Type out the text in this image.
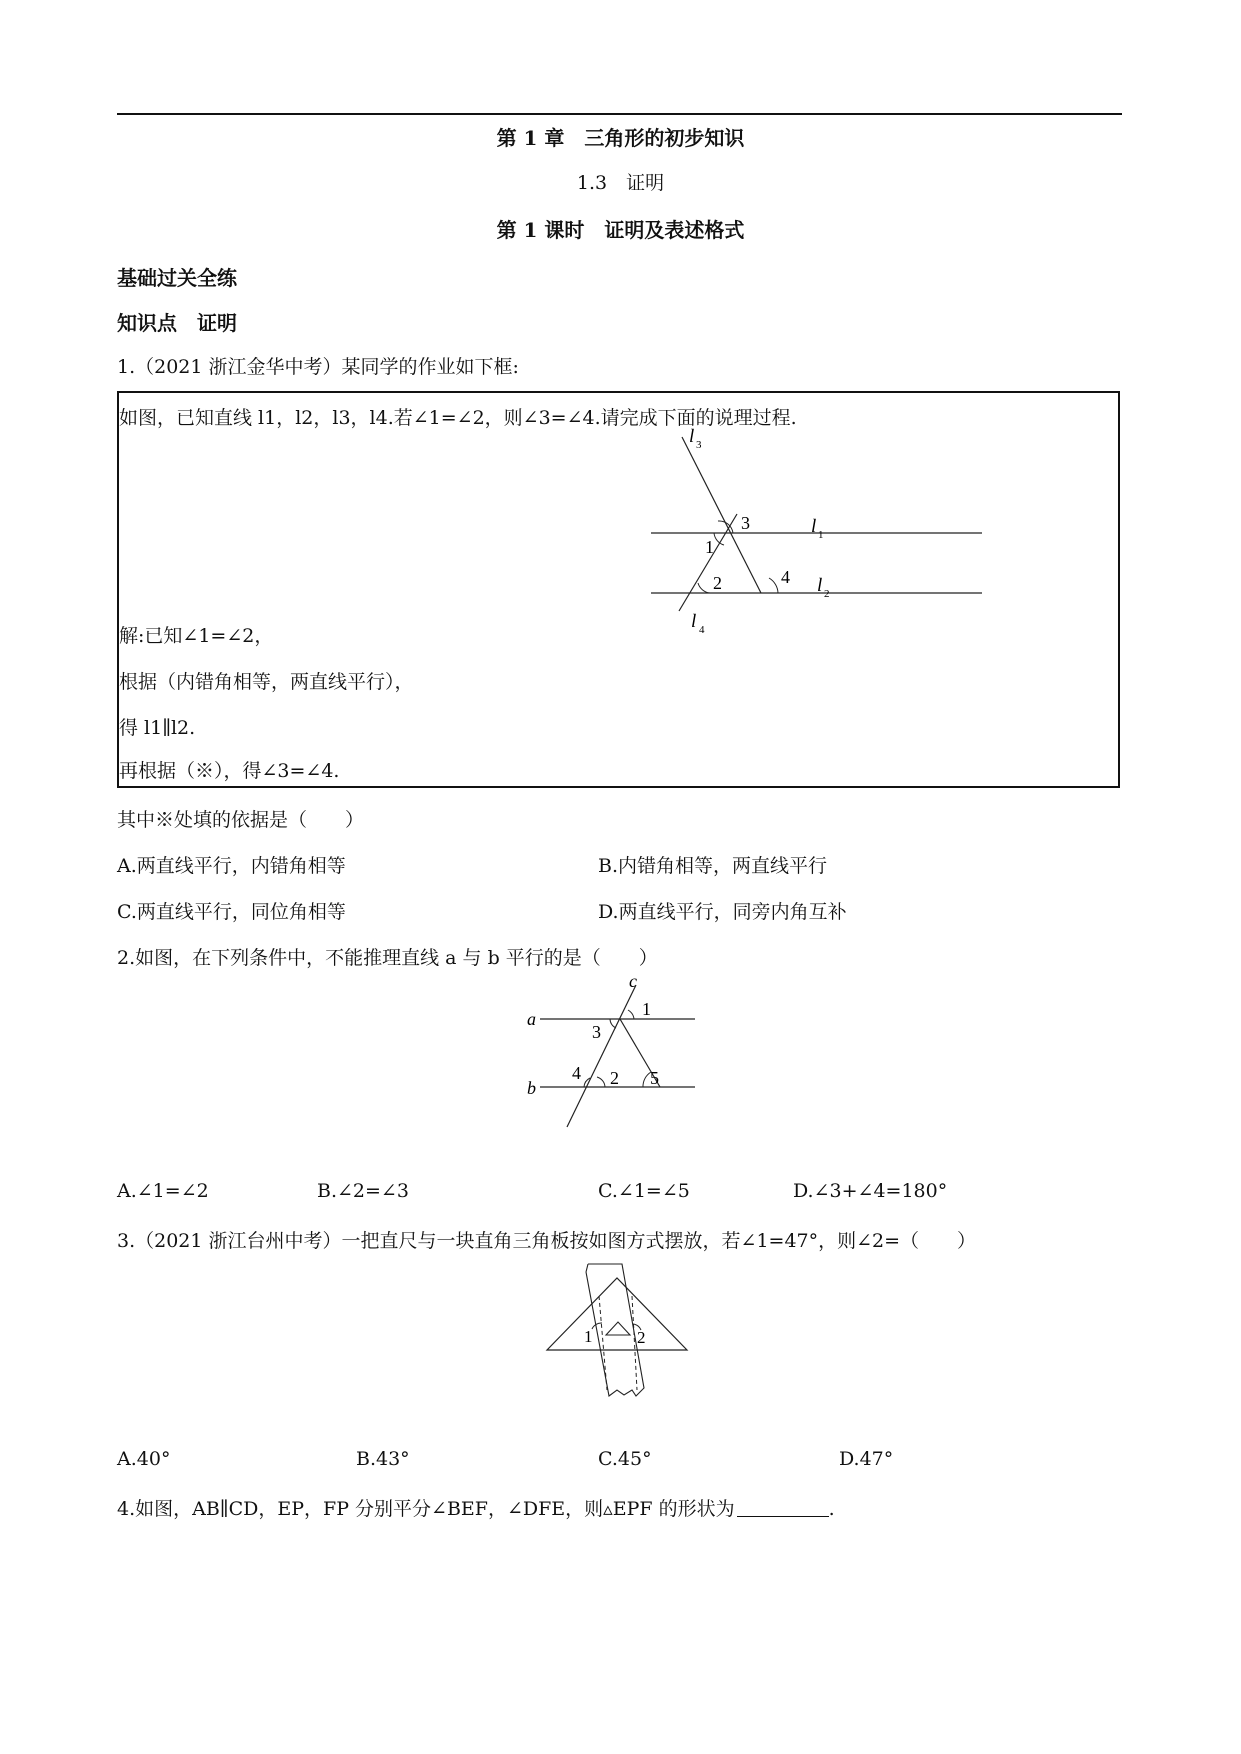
第 1 章　三角形的初步知识
1.3　证明
第 1 课时　证明及表述格式
基础过关全练
知识点　证明
1.（2021 浙江金华中考）某同学的作业如下框:
如图，已知直线 l1，l2，l3，l4.若∠1=∠2，则∠3=∠4.请完成下面的说理过程.
l 3
l 1
l 2
l 4
3
1
2	4
解:已知∠1=∠2，
根据（内错角相等，两直线平行），
得 l1∥l2.
再根据（※），得∠3=∠4.
其中※处填的依据是（　　）
A.两直线平行，内错角相等	B.内错角相等，两直线平行
C.两直线平行，同位角相等	D.两直线平行，同旁内角互补
2.如图，在下列条件中，不能推理直线 a 与 b 平行的是（　　）
a
b
c
1
3
4 2 5
A.∠1=∠2	B.∠2=∠3	C.∠1=∠5	D.∠3+∠4=180°
3.（2021 浙江台州中考）一把直尺与一块直角三角板按如图方式摆放，若∠1=47°，则∠2=（　　）
1	2
A.40°	B.43°	C.45°	D.47°
4.如图，AB∥CD，EP，FP 分别平分∠BEF，∠DFE，则▵EPF 的形状为	.
